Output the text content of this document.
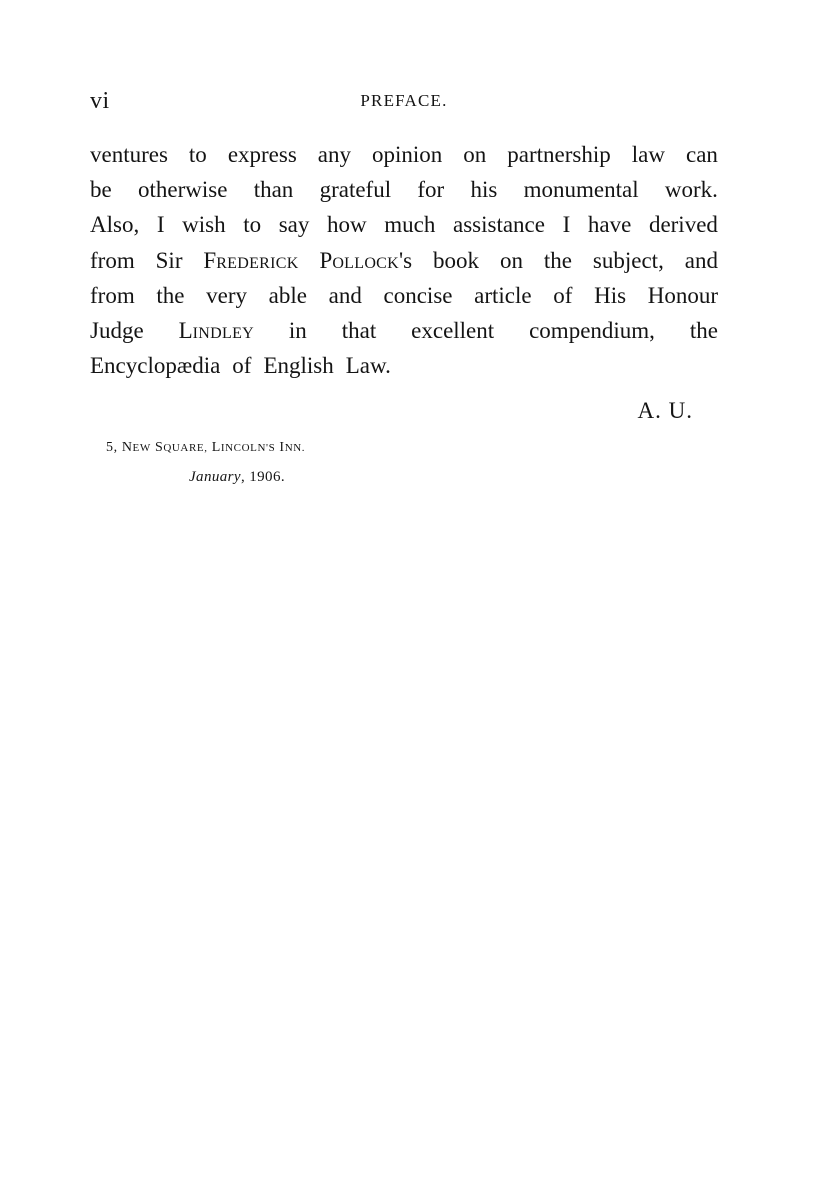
vi	PREFACE.
ventures to express any opinion on partnership law can
be otherwise than grateful for his monumental work.
Also, I wish to say how much assistance I have derived
from Sir FREDERICK POLLOCK's book on the subject, and
from the very able and concise article of His Honour
Judge LINDLEY in that excellent compendium, the
Encyclopædia of English Law.
A. U.
5, NEW SQUARE, LINCOLN'S INN.
January, 1906.
